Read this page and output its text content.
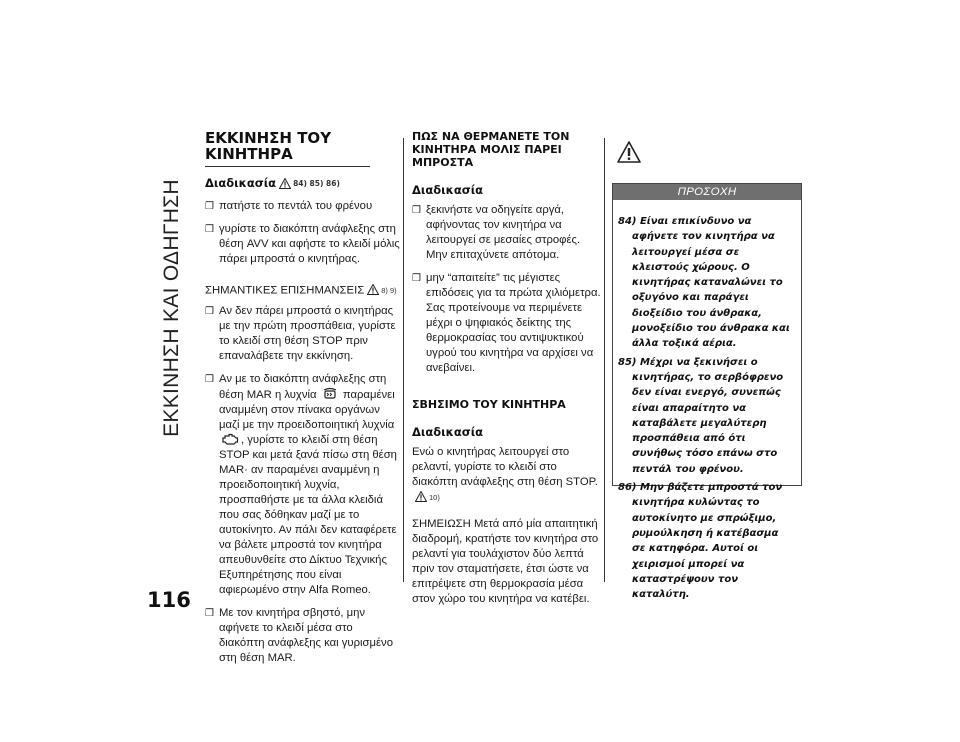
ΕΚΚΙΝΗΣΗ ΚΑΙ ΟΔΗΓΗΣΗ
116
ΕΚΚΙΝΗΣΗ ΤΟΥ ΚΙΝΗΤΗΡΑ
Διαδικασία 84) 85) 86)
❒ πατήστε το πεντάλ του φρένου
❒ γυρίστε το διακόπτη ανάφλεξης στη θέση AVV και αφήστε το κλειδί μόλις πάρει μπροστά ο κινητήρας.
ΣΗΜΑΝΤΙΚΕΣ ΕΠΙΣΗΜΑΝΣΕΙΣ 8) 9)
❒ Αν δεν πάρει μπροστά ο κινητήρας με την πρώτη προσπάθεια, γυρίστε το κλειδί στη θέση STOP πριν επαναλάβετε την εκκίνηση.
❒ Αν με το διακόπτη ανάφλεξης στη θέση MAR η λυχνία παραμένει αναμμένη στον πίνακα οργάνων μαζί με την προειδοποιητική λυχνία , γυρίστε το κλειδί στη θέση STOP και μετά ξανά πίσω στη θέση MAR· αν παραμένει αναμμένη η προειδοποιητική λυχνία, προσπαθήστε με τα άλλα κλειδιά που σας δόθηκαν μαζί με το αυτοκίνητο. Αν πάλι δεν καταφέρετε να βάλετε μπροστά τον κινητήρα απευθυνθείτε στο Δίκτυο Τεχνικής Εξυπηρέτησης που είναι αφιερωμένο στην Alfa Romeo.
❒ Με τον κινητήρα σβηστό, μην αφήνετε το κλειδί μέσα στο διακόπτη ανάφλεξης και γυρισμένο στη θέση MAR.
ΠΩΣ ΝΑ ΘΕΡΜΑΝΕΤΕ ΤΟΝ ΚΙΝΗΤΗΡΑ ΜΟΛΙΣ ΠΑΡΕΙ ΜΠΡΟΣΤΑ
Διαδικασία
❒ ξεκινήστε να οδηγείτε αργά, αφήνοντας τον κινητήρα να λειτουργεί σε μεσαίες στροφές. Μην επιταχύνετε απότομα.
❒ μην “απαιτείτε” τις μέγιστες επιδόσεις για τα πρώτα χιλιόμετρα. Σας προτείνουμε να περιμένετε μέχρι ο ψηφιακός δείκτης της θερμοκρασίας του αντιψυκτικού υγρού του κινητήρα να αρχίσει να ανεβαίνει.
ΣΒΗΣΙΜΟ ΤΟΥ ΚΙΝΗΤΗΡΑ
Διαδικασία
Ενώ ο κινητήρας λειτουργεί στο ρελαντί, γυρίστε το κλειδί στο διακόπτη ανάφλεξης στη θέση STOP.10)
ΣΗΜΕΙΩΣΗ Μετά από μία απαιτητική διαδρομή, κρατήστε τον κινητήρα στο ρελαντί για τουλάχιστον δύο λεπτά πριν τον σταματήσετε, έτσι ώστε να επιτρέψετε στη θερμοκρασία μέσα στον χώρο του κινητήρα να κατέβει.
ΠΡΟΣΟΧΗ
84) Είναι επικίνδυνο να αφήνετε τον κινητήρα να λειτουργεί μέσα σε κλειστούς χώρους. Ο κινητήρας καταναλώνει το οξυγόνο και παράγει διοξείδιο του άνθρακα, μονοξείδιο του άνθρακα και άλλα τοξικά αέρια.
85) Μέχρι να ξεκινήσει ο κινητήρας, το σερβόφρενο δεν είναι ενεργό, συνεπώς είναι απαραίτητο να καταβάλετε μεγαλύτερη προσπάθεια από ότι συνήθως τόσο επάνω στο πεντάλ του φρένου.
86) Μην βάζετε μπροστά τον κινητήρα κυλώντας το αυτοκίνητο με σπρώξιμο, ρυμούλκηση ή κατέβασμα σε κατηφόρα. Αυτοί οι χειρισμοί μπορεί να καταστρέψουν τον καταλύτη.
